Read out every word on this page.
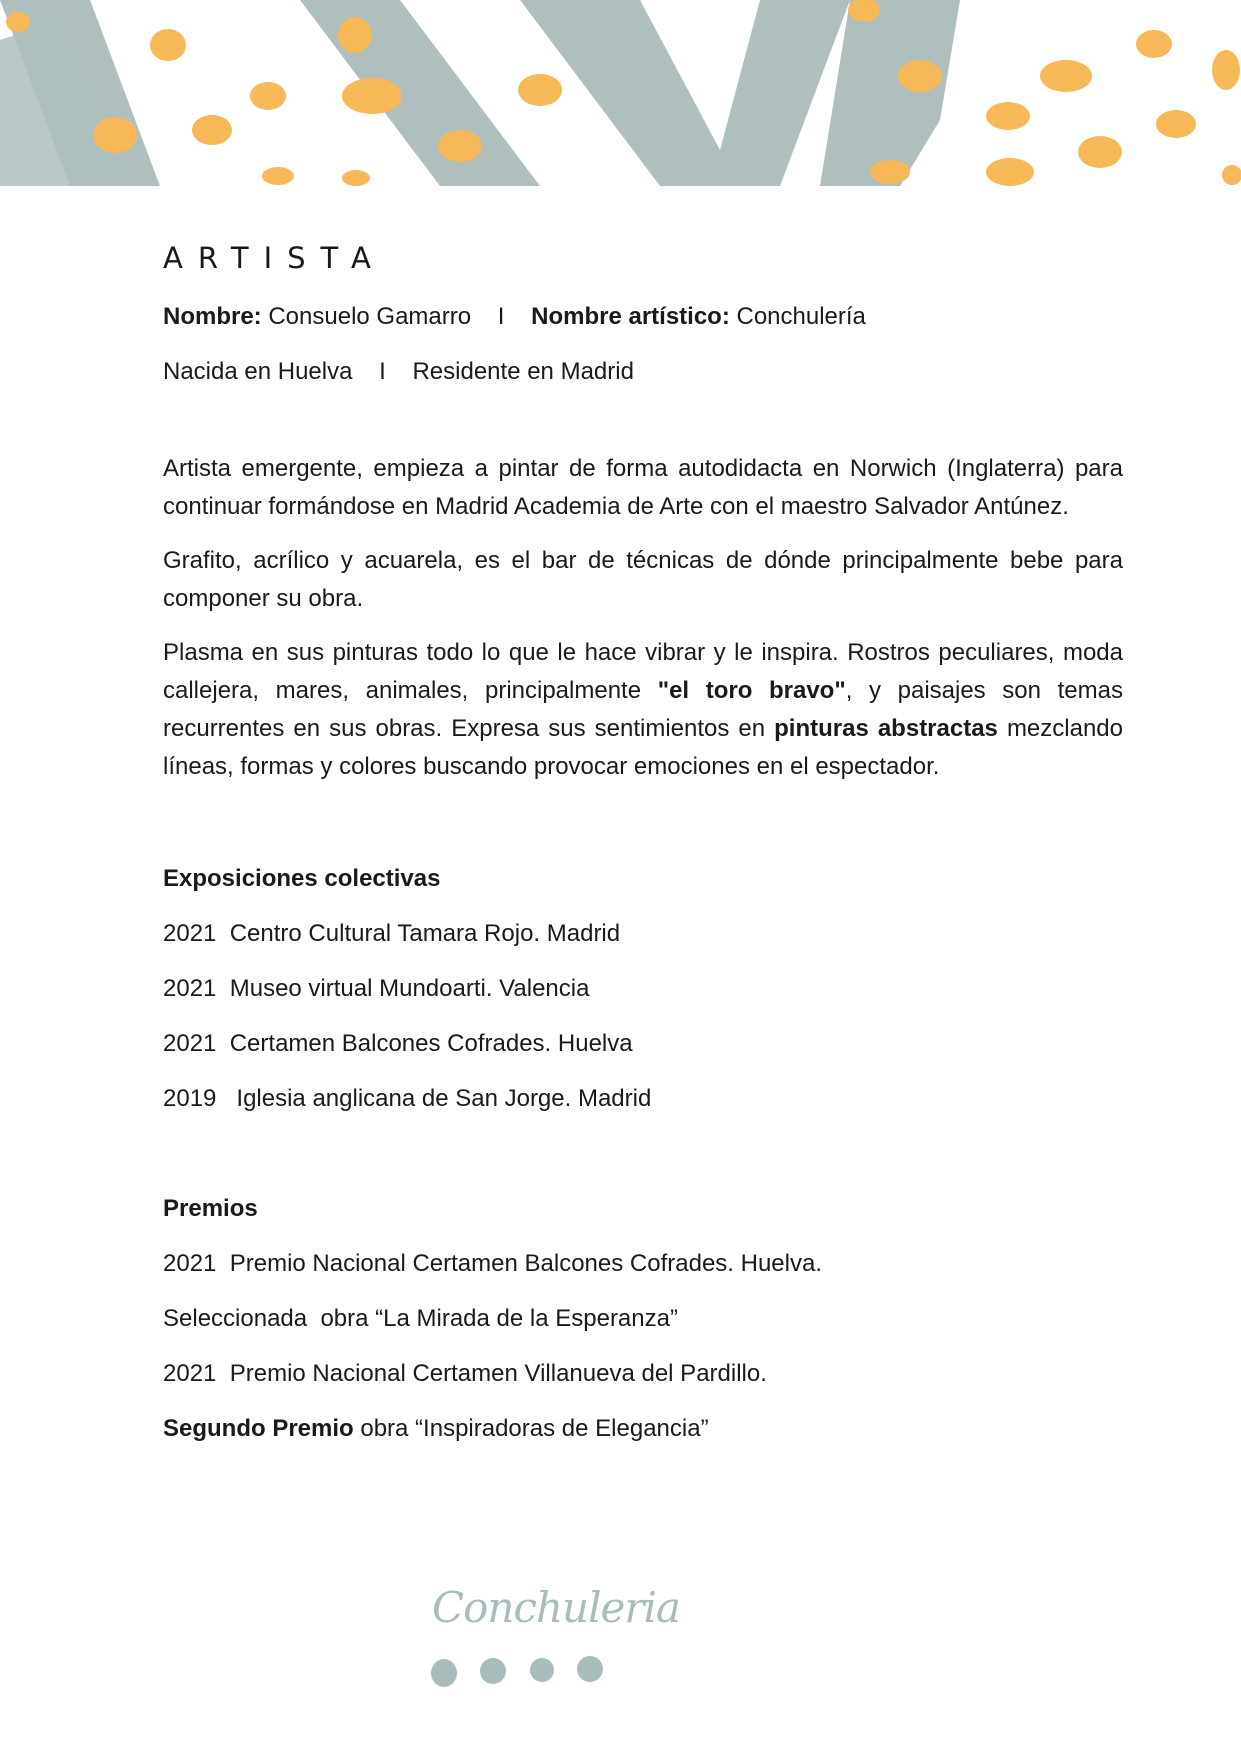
ARTISTA

Nombre: Consuelo Gamarro I Nombre artístico: Conchulería

Nacida en Huelva I Residente en Madrid

Artista emergente, empieza a pintar de forma autodidacta en Norwich (Inglaterra) para continuar formándose en Madrid Academia de Arte con el maestro Salvador Antúnez.

Grafito, acrílico y acuarela, es el bar de técnicas de dónde principalmente bebe para componer su obra.

Plasma en sus pinturas todo lo que le hace vibrar y le inspira. Rostros peculiares, moda callejera, mares, animales, principalmente "el toro bravo", y paisajes son temas recurrentes en sus obras. Expresa sus sentimientos en pinturas abstractas mezclando líneas, formas y colores buscando provocar emociones en el espectador.

Exposiciones colectivas

2021  Centro Cultural Tamara Rojo. Madrid

2021  Museo virtual Mundoarti. Valencia

2021  Certamen Balcones Cofrades. Huelva

2019   Iglesia anglicana de San Jorge. Madrid

Premios

2021  Premio Nacional Certamen Balcones Cofrades. Huelva.

Seleccionada  obra “La Mirada de la Esperanza”

2021  Premio Nacional Certamen Villanueva del Pardillo.

Segundo Premio obra “Inspiradoras de Elegancia”

Conchuleria
